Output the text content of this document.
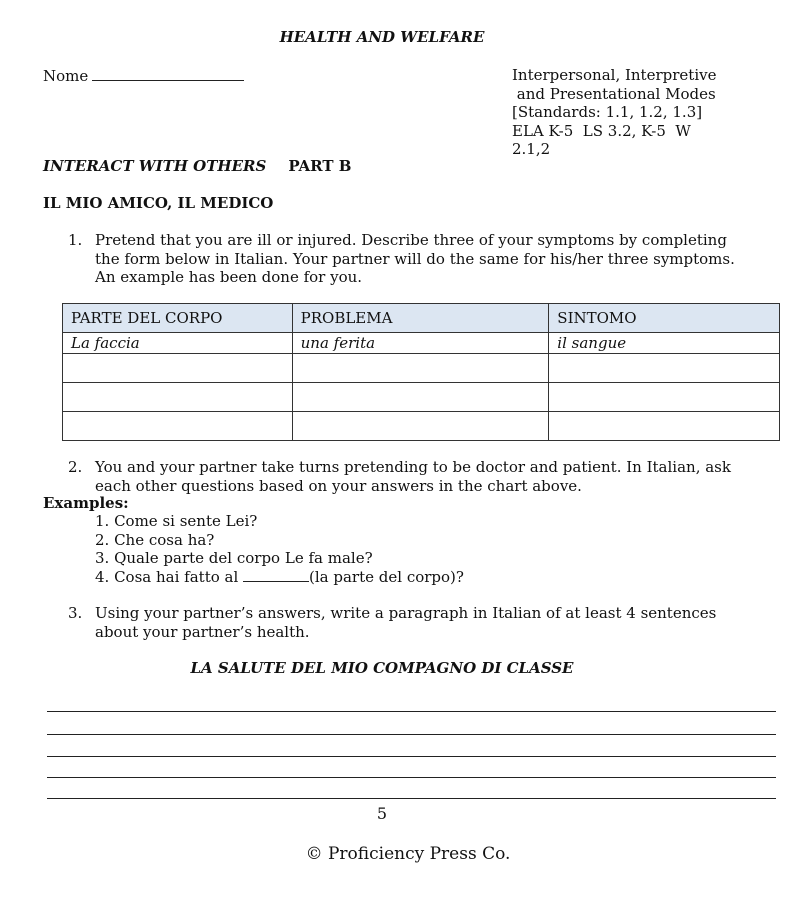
HEALTH AND WELFARE
Nome	Interpersonal, Interpretive
and Presentational Modes
[Standards: 1.1, 1.2, 1.3]
ELA K-5  LS 3.2, K-5  W
2.1,2
INTERACT WITH OTHERS PART B
IL MIO AMICO, IL MEDICO
1. Pretend that you are ill or injured. Describe three of your symptoms by completing the form below in Italian. Your partner will do the same for his/her three symptoms. An example has been done for you.
PARTE DEL CORPO	PROBLEMA	SINTOMO
La faccia	una ferita	il sangue

2. You and your partner take turns pretending to be doctor and patient. In Italian, ask each other questions based on your answers in the chart above.
Examples:
1. Come si sente Lei?
2. Che cosa ha?
3. Quale parte del corpo Le fa male?
4. Cosa hai fatto al	(la parte del corpo)?
3. Using your partner’s answers, write a paragraph in Italian of at least 4 sentences about your partner’s health.
LA SALUTE DEL MIO COMPAGNO DI CLASSE
5
© Proficiency Press Co.
